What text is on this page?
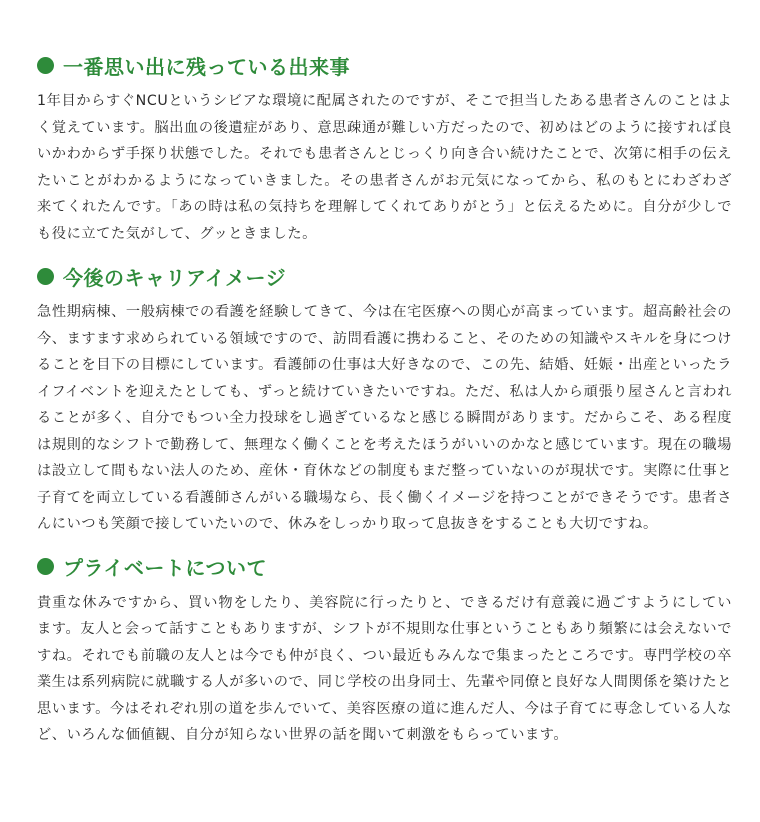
一番思い出に残っている出来事

1年目からすぐNCUというシビアな環境に配属されたのですが、そこで担当したある患者さんのことはよく覚えています。脳出血の後遺症があり、意思疎通が難しい方だったので、初めはどのように接すれば良いかわからず手探り状態でした。それでも患者さんとじっくり向き合い続けたことで、次第に相手の伝えたいことがわかるようになっていきました。その患者さんがお元気になってから、私のもとにわざわざ来てくれたんです。「あの時は私の気持ちを理解してくれてありがとう」と伝えるために。自分が少しでも役に立てた気がして、グッときました。

今後のキャリアイメージ

急性期病棟、一般病棟での看護を経験してきて、今は在宅医療への関心が高まっています。超高齢社会の今、ますます求められている領域ですので、訪問看護に携わること、そのための知識やスキルを身につけることを目下の目標にしています。看護師の仕事は大好きなので、この先、結婚、妊娠・出産といったライフイベントを迎えたとしても、ずっと続けていきたいですね。ただ、私は人から頑張り屋さんと言われることが多く、自分でもつい全力投球をし過ぎているなと感じる瞬間があります。だからこそ、ある程度は規則的なシフトで勤務して、無理なく働くことを考えたほうがいいのかなと感じています。現在の職場は設立して間もない法人のため、産休・育休などの制度もまだ整っていないのが現状です。実際に仕事と子育てを両立している看護師さんがいる職場なら、長く働くイメージを持つことができそうです。患者さんにいつも笑顔で接していたいので、休みをしっかり取って息抜きをすることも大切ですね。

プライベートについて

貴重な休みですから、買い物をしたり、美容院に行ったりと、できるだけ有意義に過ごすようにしています。友人と会って話すこともありますが、シフトが不規則な仕事ということもあり頻繁には会えないですね。それでも前職の友人とは今でも仲が良く、つい最近もみんなで集まったところです。専門学校の卒業生は系列病院に就職する人が多いので、同じ学校の出身同士、先輩や同僚と良好な人間関係を築けたと思います。今はそれぞれ別の道を歩んでいて、美容医療の道に進んだ人、今は子育てに専念している人など、いろんな価値観、自分が知らない世界の話を聞いて刺激をもらっています。
